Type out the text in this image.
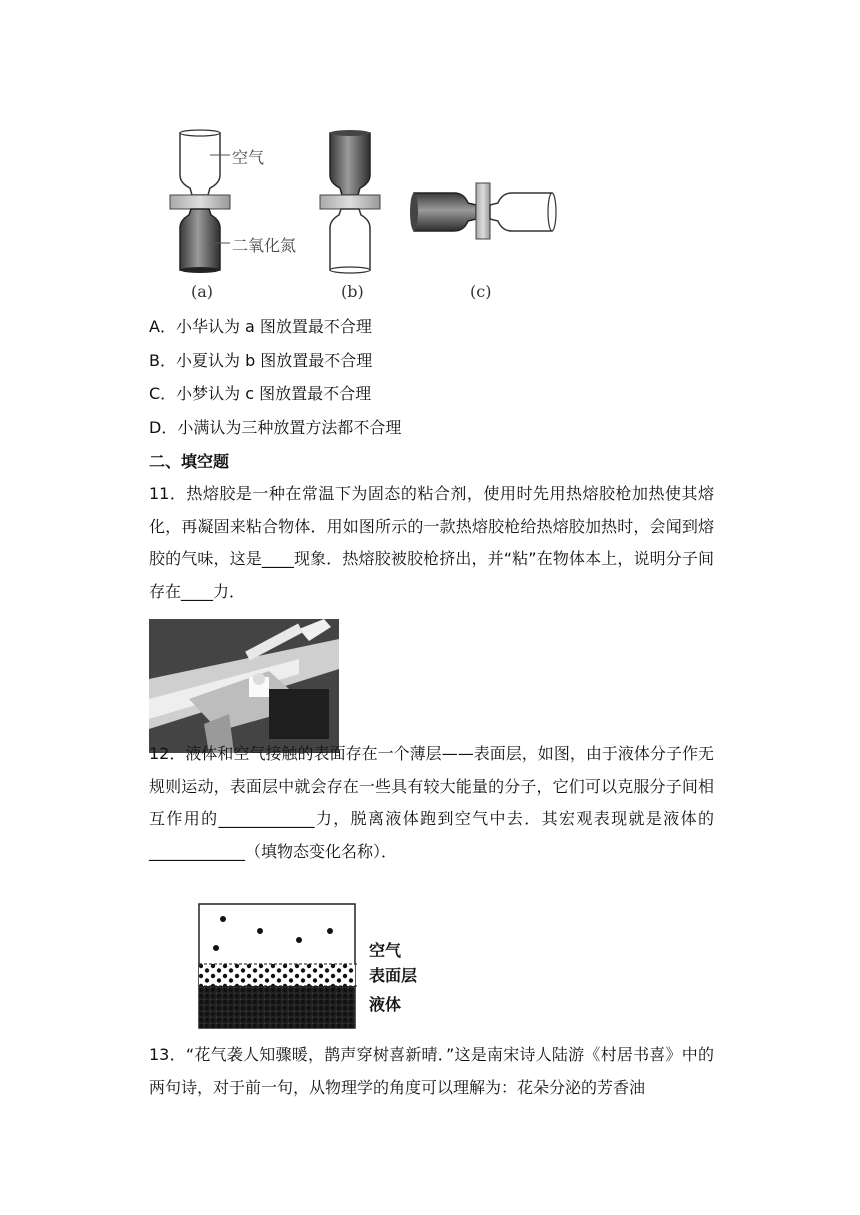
空气
二氧化氮
(a)	(b)	(c)
A．小华认为 a 图放置最不合理
B．小夏认为 b 图放置最不合理
C．小梦认为 c 图放置最不合理
D．小满认为三种放置方法都不合理
二、填空题
11．热熔胶是一种在常温下为固态的粘合剂，使用时先用热熔胶枪加热使其熔化，再凝固来粘合物体．用如图所示的一款热熔胶枪给热熔胶加热时，会闻到熔胶的气味，这是____现象．热熔胶被胶枪挤出，并“粘”在物体本上，说明分子间存在____力．
12．液体和空气接触的表面存在一个薄层——表面层，如图，由于液体分子作无规则运动，表面层中就会存在一些具有较大能量的分子，它们可以克服分子间相互作用的____________力，脱离液体跑到空气中去．其宏观表现就是液体的____________（填物态变化名称）．
空气
表面层
液体
13．“花气袭人知骤暖，鹊声穿树喜新晴．”这是南宋诗人陆游《村居书喜》中的两句诗，对于前一句，从物理学的角度可以理解为：花朵分泌的芳香油
